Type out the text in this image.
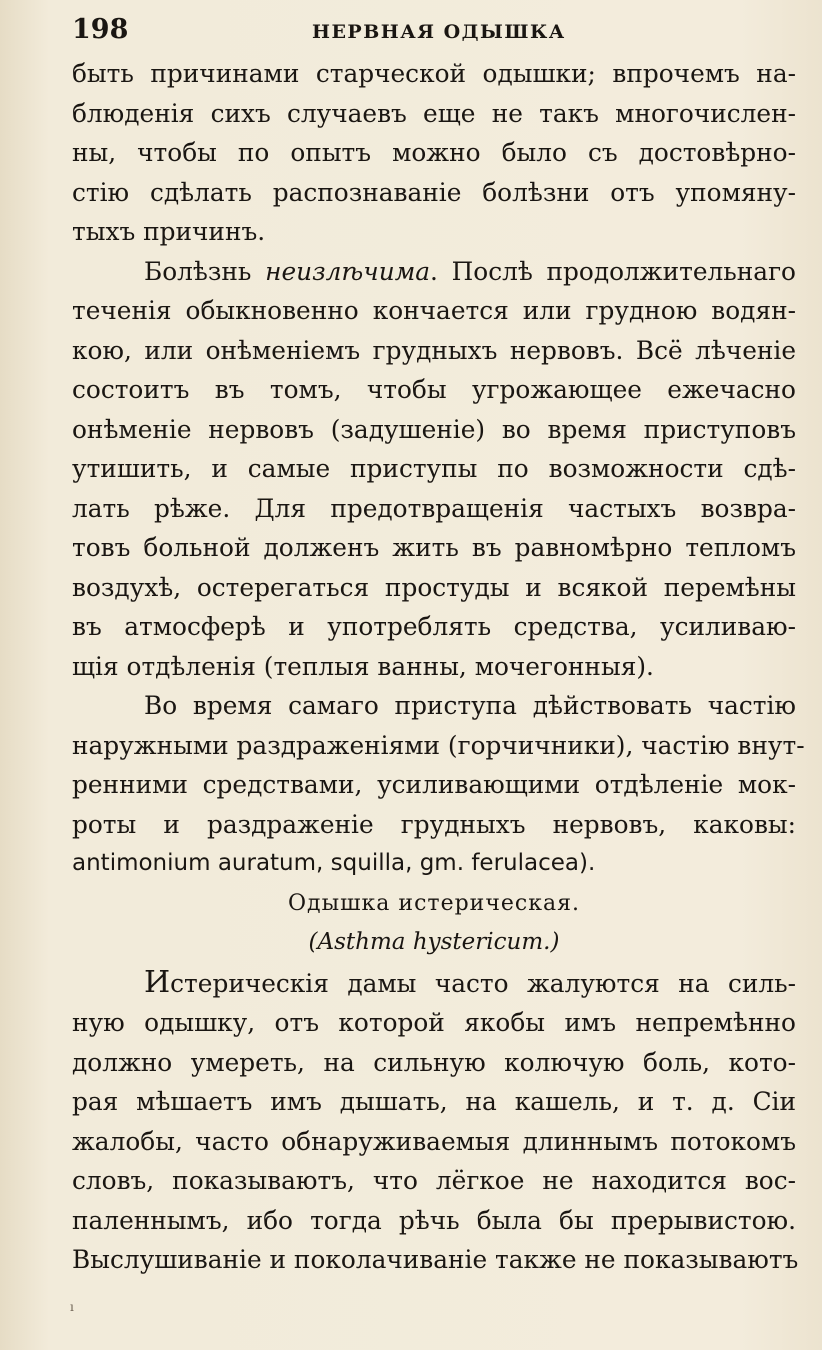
198	НЕРВНАЯ ОДЫШКА
быть причинами старческой одышки; впрочемъ на-
блюденія сихъ случаевъ еще не такъ многочислен-
ны, чтобы по опытъ можно было съ достовѣрно-
стію сдѣлать распознаваніе болѣзни отъ упомяну-
тыхъ причинъ.
Болѣзнь неизлѣчима. Послѣ продолжительнаго
теченія обыкновенно кончается или грудною водян-
кою, или онѣменіемъ грудныхъ нервовъ. Всё лѣченіе
состоитъ въ томъ, чтобы угрожающее ежечасно
онѣменіе нервовъ (задушеніе) во время приступовъ
утишить, и самые приступы по возможности сдѣ-
лать рѣже. Для предотвращенія частыхъ возвра-
товъ больной долженъ жить въ равномѣрно тепломъ
воздухѣ, остерегаться простуды и всякой перемѣны
въ атмосферѣ и употреблять средства, усиливаю-
щія отдѣленія (теплыя ванны, мочегонныя).
Во время самаго приступа дѣйствовать частію
наружными раздраженіями (горчичники), частію внут-
ренними средствами, усиливающими отдѣленіе мок-
роты и раздраженіе грудныхъ нервовъ, каковы:
antimonium auratum, squilla, gm. ferulacea).
Одышка истерическая.
(Asthma hystericum.)
Истерическія дамы часто жалуются на силь-
ную одышку, отъ которой якобы имъ непремѣнно
должно умереть, на сильную колючую боль, кото-
рая мѣшаетъ имъ дышать, на кашель, и т. д. Сіи
жалобы, часто обнаруживаемыя длиннымъ потокомъ
словъ, показываютъ, что лёгкое не находится вос-
паленнымъ, ибо тогда рѣчь была бы прерывистою.
Выслушиваніе и поколачиваніе также не показываютъ
ı
